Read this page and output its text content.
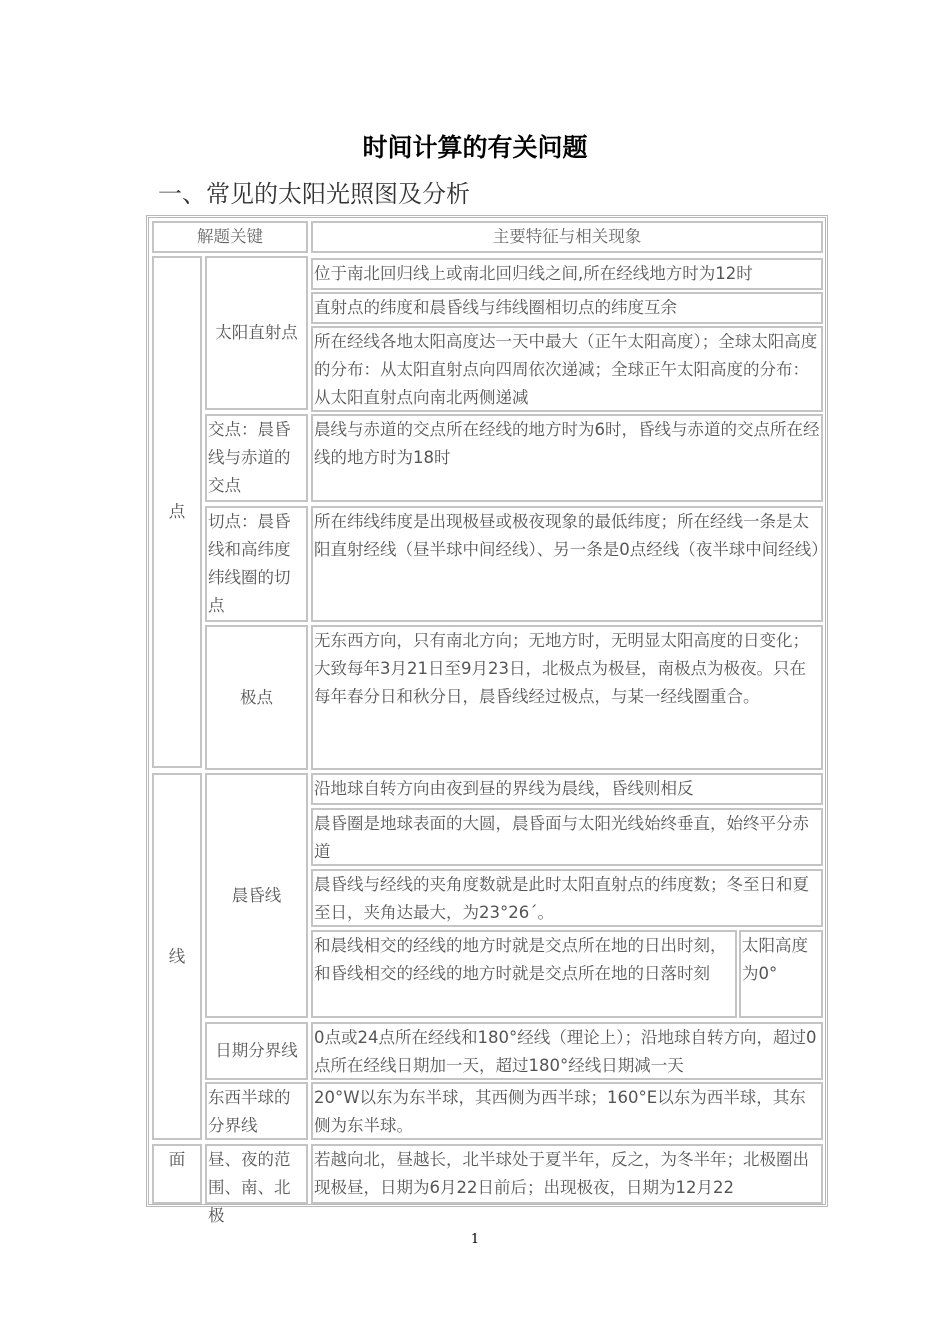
时间计算的有关问题
一、常见的太阳光照图及分析
解题关键	主要特征与相关现象
点
太阳直射点
位于南北回归线上或南北回归线之间,所在经线地方时为12时
直射点的纬度和晨昏线与纬线圈相切点的纬度互余
所在经线各地太阳高度达一天中最大（正午太阳高度）；全球太阳高度的分布：从太阳直射点向四周依次递减；全球正午太阳高度的分布：从太阳直射点向南北两侧递减
交点：晨昏线与赤道的交点
晨线与赤道的交点所在经线的地方时为6时，昏线与赤道的交点所在经线的地方时为18时
切点：晨昏线和高纬度纬线圈的切点
所在纬线纬度是出现极昼或极夜现象的最低纬度；所在经线一条是太阳直射经线（昼半球中间经线）、另一条是0点经线（夜半球中间经线）
极点
无东西方向，只有南北方向；无地方时，无明显太阳高度的日变化；
大致每年3月21日至9月23日，北极点为极昼，南极点为极夜。只在每年春分日和秋分日，晨昏线经过极点，与某一经线圈重合。
线
晨昏线
沿地球自转方向由夜到昼的界线为晨线，昏线则相反
晨昏圈是地球表面的大圆，晨昏面与太阳光线始终垂直，始终平分赤道
晨昏线与经线的夹角度数就是此时太阳直射点的纬度数；冬至日和夏至日，夹角达最大，为23°26´。
和晨线相交的经线的地方时就是交点所在地的日出时刻，和昏线相交的经线的地方时就是交点所在地的日落时刻
太阳高度为0°
日期分界线
0点或24点所在经线和180°经线（理论上）；沿地球自转方向，超过0点所在经线日期加一天，超过180°经线日期减一天
东西半球的分界线
20°W以东为东半球，其西侧为西半球；160°E以东为西半球，其东侧为东半球。
面	昼、夜的范围、南、北极
若越向北，昼越长，北半球处于夏半年，反之，为冬半年；北极圈出现极昼，日期为6月22日前后；出现极夜，日期为12月22
1
